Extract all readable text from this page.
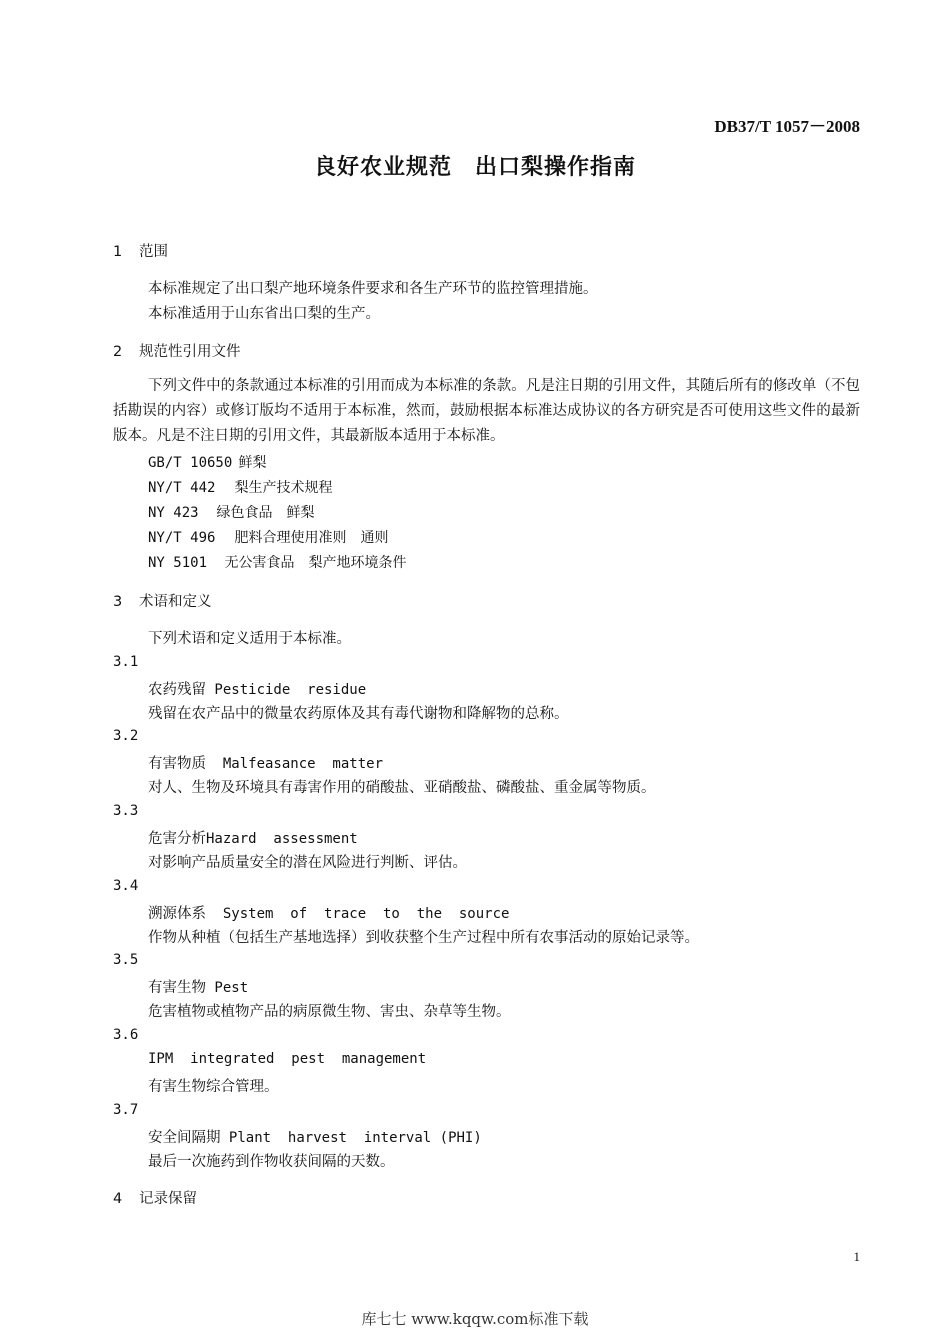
DB37/T 1057－2008
良好农业规范　出口梨操作指南
1 范围
本标准规定了出口梨产地环境条件要求和各生产环节的监控管理措施。
本标准适用于山东省出口梨的生产。
2 规范性引用文件
下列文件中的条款通过本标准的引用而成为本标准的条款。凡是注日期的引用文件，其随后所有的修改单（不包括勘误的内容）或修订版均不适用于本标准，然而，鼓励根据本标准达成协议的各方研究是否可使用这些文件的最新版本。凡是不注日期的引用文件，其最新版本适用于本标准。
GB/T 10650 鲜梨
NY/T 442 梨生产技术规程
NY 423 绿色食品　鲜梨
NY/T 496 肥料合理使用准则　通则
NY 5101 无公害食品　梨产地环境条件
3 术语和定义
下列术语和定义适用于本标准。
3.1
农药残留 Pesticide  residue
残留在农产品中的微量农药原体及其有毒代谢物和降解物的总称。
3.2
有害物质  Malfeasance  matter
对人、生物及环境具有毒害作用的硝酸盐、亚硝酸盐、磷酸盐、重金属等物质。
3.3
危害分析Hazard  assessment
对影响产品质量安全的潜在风险进行判断、评估。
3.4
溯源体系  System  of  trace  to  the  source
作物从种植（包括生产基地选择）到收获整个生产过程中所有农事活动的原始记录等。
3.5
有害生物 Pest
危害植物或植物产品的病原微生物、害虫、杂草等生物。
3.6
IPM  integrated  pest  management
有害生物综合管理。
3.7
安全间隔期 Plant  harvest  interval (PHI)
最后一次施药到作物收获间隔的天数。
4 记录保留
1
库七七 www.kqqw.com标准下载
